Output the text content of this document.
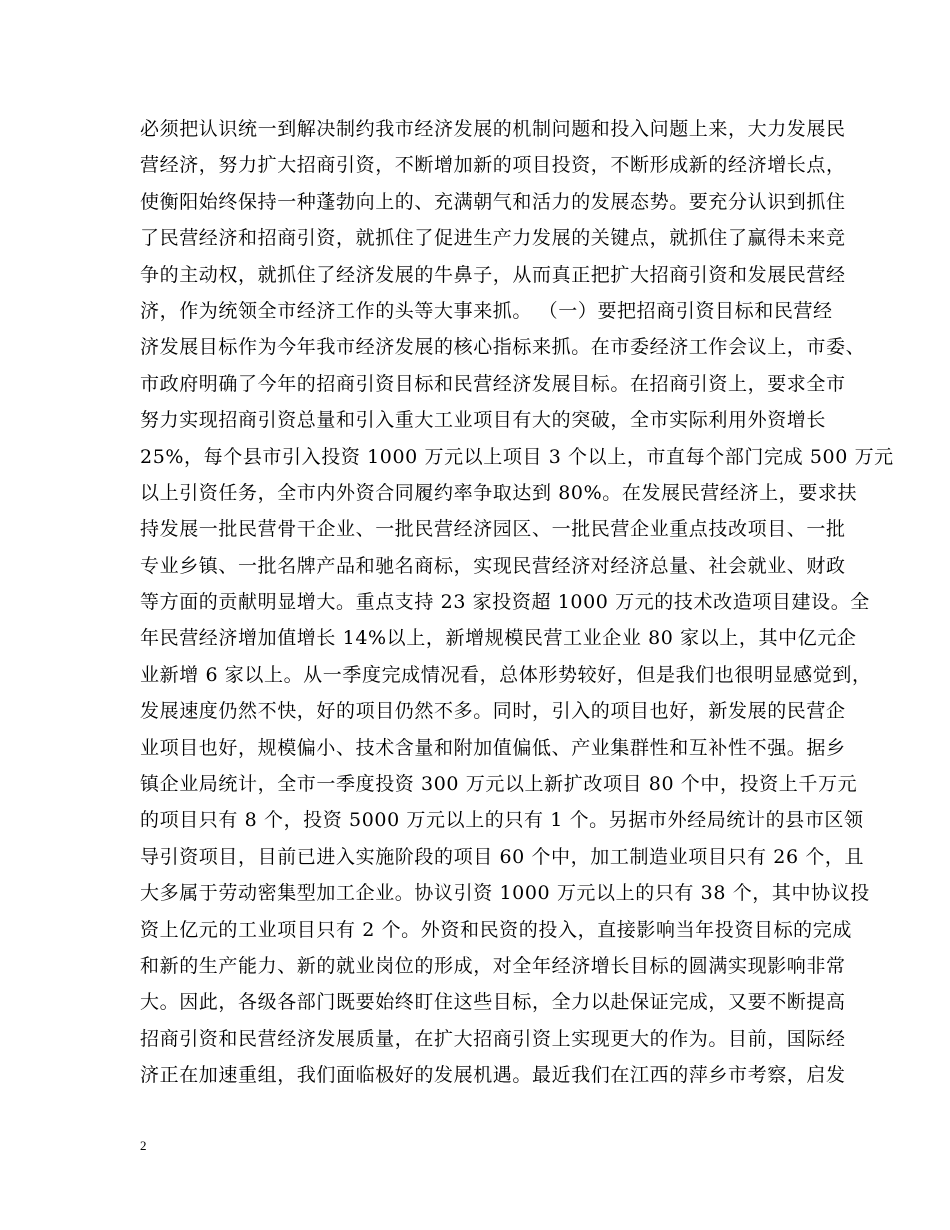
必须把认识统一到解决制约我市经济发展的机制问题和投入问题上来，大力发展民
营经济，努力扩大招商引资，不断增加新的项目投资，不断形成新的经济增长点，
使衡阳始终保持一种蓬勃向上的、充满朝气和活力的发展态势。要充分认识到抓住
了民营经济和招商引资，就抓住了促进生产力发展的关键点，就抓住了赢得未来竞
争的主动权，就抓住了经济发展的牛鼻子，从而真正把扩大招商引资和发展民营经
济，作为统领全市经济工作的头等大事来抓。 （一）要把招商引资目标和民营经
济发展目标作为今年我市经济发展的核心指标来抓。在市委经济工作会议上，市委、
市政府明确了今年的招商引资目标和民营经济发展目标。在招商引资上，要求全市
努力实现招商引资总量和引入重大工业项目有大的突破，全市实际利用外资增长
25%，每个县市引入投资 1000 万元以上项目 3 个以上，市直每个部门完成 500 万元
以上引资任务，全市内外资合同履约率争取达到 80%。在发展民营经济上，要求扶
持发展一批民营骨干企业、一批民营经济园区、一批民营企业重点技改项目、一批
专业乡镇、一批名牌产品和驰名商标，实现民营经济对经济总量、社会就业、财政
等方面的贡献明显增大。重点支持 23 家投资超 1000 万元的技术改造项目建设。全
年民营经济增加值增长 14%以上，新增规模民营工业企业 80 家以上，其中亿元企
业新增 6 家以上。从一季度完成情况看，总体形势较好，但是我们也很明显感觉到，
发展速度仍然不快，好的项目仍然不多。同时，引入的项目也好，新发展的民营企
业项目也好，规模偏小、技术含量和附加值偏低、产业集群性和互补性不强。据乡
镇企业局统计，全市一季度投资 300 万元以上新扩改项目 80 个中，投资上千万元
的项目只有 8 个，投资 5000 万元以上的只有 1 个。另据市外经局统计的县市区领
导引资项目，目前已进入实施阶段的项目 60 个中，加工制造业项目只有 26 个，且
大多属于劳动密集型加工企业。协议引资 1000 万元以上的只有 38 个，其中协议投
资上亿元的工业项目只有 2 个。外资和民资的投入，直接影响当年投资目标的完成
和新的生产能力、新的就业岗位的形成，对全年经济增长目标的圆满实现影响非常
大。因此，各级各部门既要始终盯住这些目标，全力以赴保证完成，又要不断提高
招商引资和民营经济发展质量，在扩大招商引资上实现更大的作为。目前，国际经
济正在加速重组，我们面临极好的发展机遇。最近我们在江西的萍乡市考察，启发
2
